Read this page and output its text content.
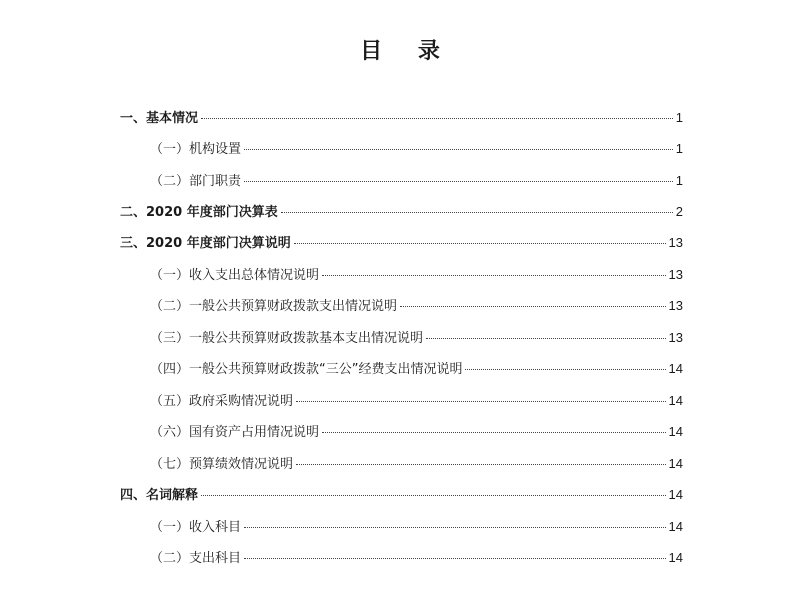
目 录
一、基本情况	1
（一）机构设置	1
（二）部门职责	1
二、2020 年度部门决算表	2
三、2020 年度部门决算说明	13
（一）收入支出总体情况说明	13
（二）一般公共预算财政拨款支出情况说明	13
（三）一般公共预算财政拨款基本支出情况说明	13
（四）一般公共预算财政拨款“三公”经费支出情况说明	14
（五）政府采购情况说明	14
（六）国有资产占用情况说明	14
（七）预算绩效情况说明	14
四、名词解释	14
（一）收入科目	14
（二）支出科目	14
